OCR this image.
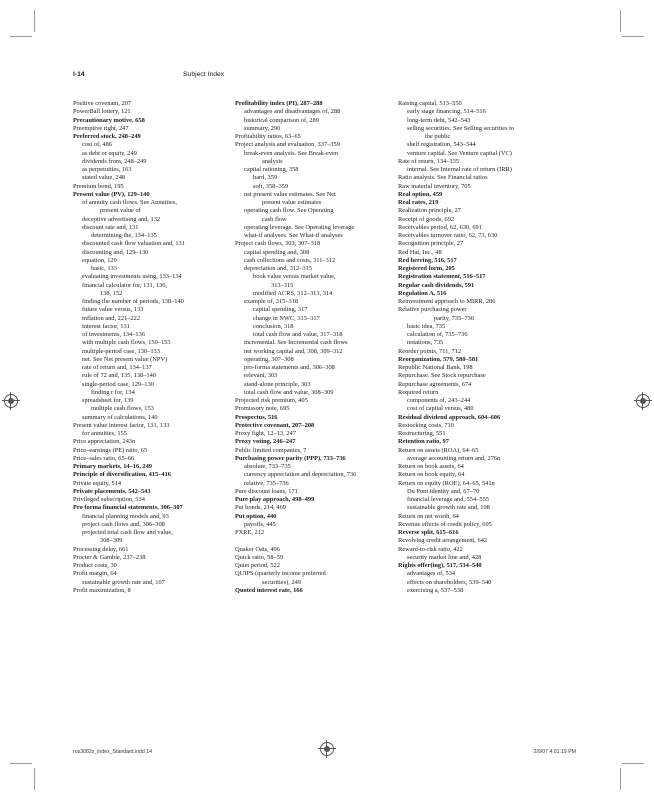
I-14	Subject Index
Positive covenant, 207
PowerBall lottery, 121
Precautionary motive, 658
Preemptive right, 247
Preferred stock, 248–249
cost of, 486
as debt or equity, 249
dividends from, 248–249
as perpetuities, 163
stated value, 248
Premium bond, 195
Present value (PV), 129–140
of annuity cash flows. See Annuities,
present value of
deceptive advertising and, 132
discount rate and, 131
determining the, 134–135
discounted cash flow valuation and, 131
discounting and, 129–130
equation, 129
basic, 133
evaluating investments using, 133–134
financial calculator for, 131, 136,
138, 152
finding the number of periods, 138–140
future value versus, 133
inflation and, 221–222
interest factor, 131
of investments, 134–136
with multiple cash flows, 150–153
multiple-period case, 130–133
net. See Net present value (NPV)
rate of return and, 134–137
rule of 72 and, 135, 138–140
single-period case, 129–130
finding r for, 134
spreadsheet for, 139
multiple cash flows, 153
summary of calculations, 140
Present value interest factor, 131, 133
for annuities, 155
Price appreciation, 243n
Price–earnings (PE) ratio, 65
Price–sales ratio, 65–66
Primary markets, 14–16, 249
Principle of diversification, 415–416
Private equity, 514
Private placements, 542–543
Privileged subscription, 534
Pro forma financial statements, 306–307
financial planning models and, 93
project cash flows and, 306–308
projected total cash flow and value,
308–309
Processing delay, 661
Procter & Gamble, 237–238
Product costs, 30
Profit margin, 64
sustainable growth rate and, 107
Profit maximization, 8
Profitability index (PI), 287–288
advantages and disadvantages of, 288
historical comparison of, 289
summary, 290
Profitability ratios, 63–65
Project analysis and evaluation, 337–359
break-even analysis. See Break-even
analysis
capital rationing, 358
hard, 359
soft, 358–359
net present value estimates. See Net
present value estimates
operating cash flow. See Operating
cash flow
operating leverage. See Operating leverage
what-if analyses. See What-if analyses
Project cash flows, 303, 307–318
capital spending and, 308
cash collections and costs, 311–312
depreciation and, 312–315
book value versus market value,
313–315
modified ACRS, 312–313, 314
example of, 315–318
capital spending, 317
change in NWC, 315–317
conclusion, 318
total cash flow and value, 317–318
incremental. See Incremental cash flows
net working capital and, 308, 309–312
operating, 307–308
pro-forma statements and, 306–308
relevant, 303
stand-alone principle, 303
total cash flow and value, 308–309
Projected risk premium, 405
Promissory note, 695
Prospectus, 516
Protective covenant, 207–208
Proxy fight, 12–13, 247
Proxy voting, 246–247
Public limited companies, 7
Purchasing power parity (PPP), 733–736
absolute, 733–735
currency appreciation and depreciation, 736
relative, 735–736
Pure discount loans, 171
Pure play approach, 498–499
Put bonds, 214, 469
Put option, 440
payoffs, 445
PXRE, 212
Quaker Oats, 496
Quick ratio, 58–59
Quiet period, 522
QUIPS (quarterly income preferred
securities), 249
Quoted interest rate, 166
Raising capital, 513–550
early stage financing, 514–516
long-term debt, 542–543
selling securities. See Selling securities to
the public
shelf registration, 543–544
venture capital. See Venture capital (VC)
Rate of return, 134–135
internal. See Internal rate of return (IRR)
Ratio analysis. See Financial ratios
Raw material inventory, 705
Real option, 459
Real rates, 219
Realization principle, 27
Receipt of goods, 692
Receivables period, 62, 630, 691
Receivables turnover ratio, 62, 73, 630
Recognition principle, 27
Red Hat, Inc., 48
Red herring, 516, 517
Registered form, 205
Registration statement, 516–517
Regular cash dividends, 591
Regulation A, 516
Reinvestment approach to MIRR, 286
Relative purchasing power
parity, 735–736
basic idea, 735
calculation of, 735–736
notations, 735
Reorder points, 711, 712
Reorganization, 579, 580–581
Republic National Bank, 198
Repurchase. See Stock repurchase
Repurchase agreements, 674
Required return
components of, 243–244
cost of capital versus, 480
Residual dividend approach, 604–606
Restocking costs, 710
Restructuring, 551
Retention ratio, 97
Return on assets (ROA), 64–65
average accounting return and, 276n
Return on book assets, 64
Return on book equity, 64
Return on equity (ROE), 64–65, 541n
Du Pont identity and, 67–70
financial leverage and, 554–555
sustainable growth rate and, 108
Return on net worth, 64
Revenue effects of credit policy, 695
Reverse split, 615–616
Revolving credit arrangement, 642
Reward-to-risk ratio, 422
security market line and, 428
Rights offer(ing), 517, 534–540
advantages of, 534
effects on shareholders, 539–540
exercising a, 537–538
ros3082x_index_Standard.indd 14	2/9/07 4:01:19 PM
